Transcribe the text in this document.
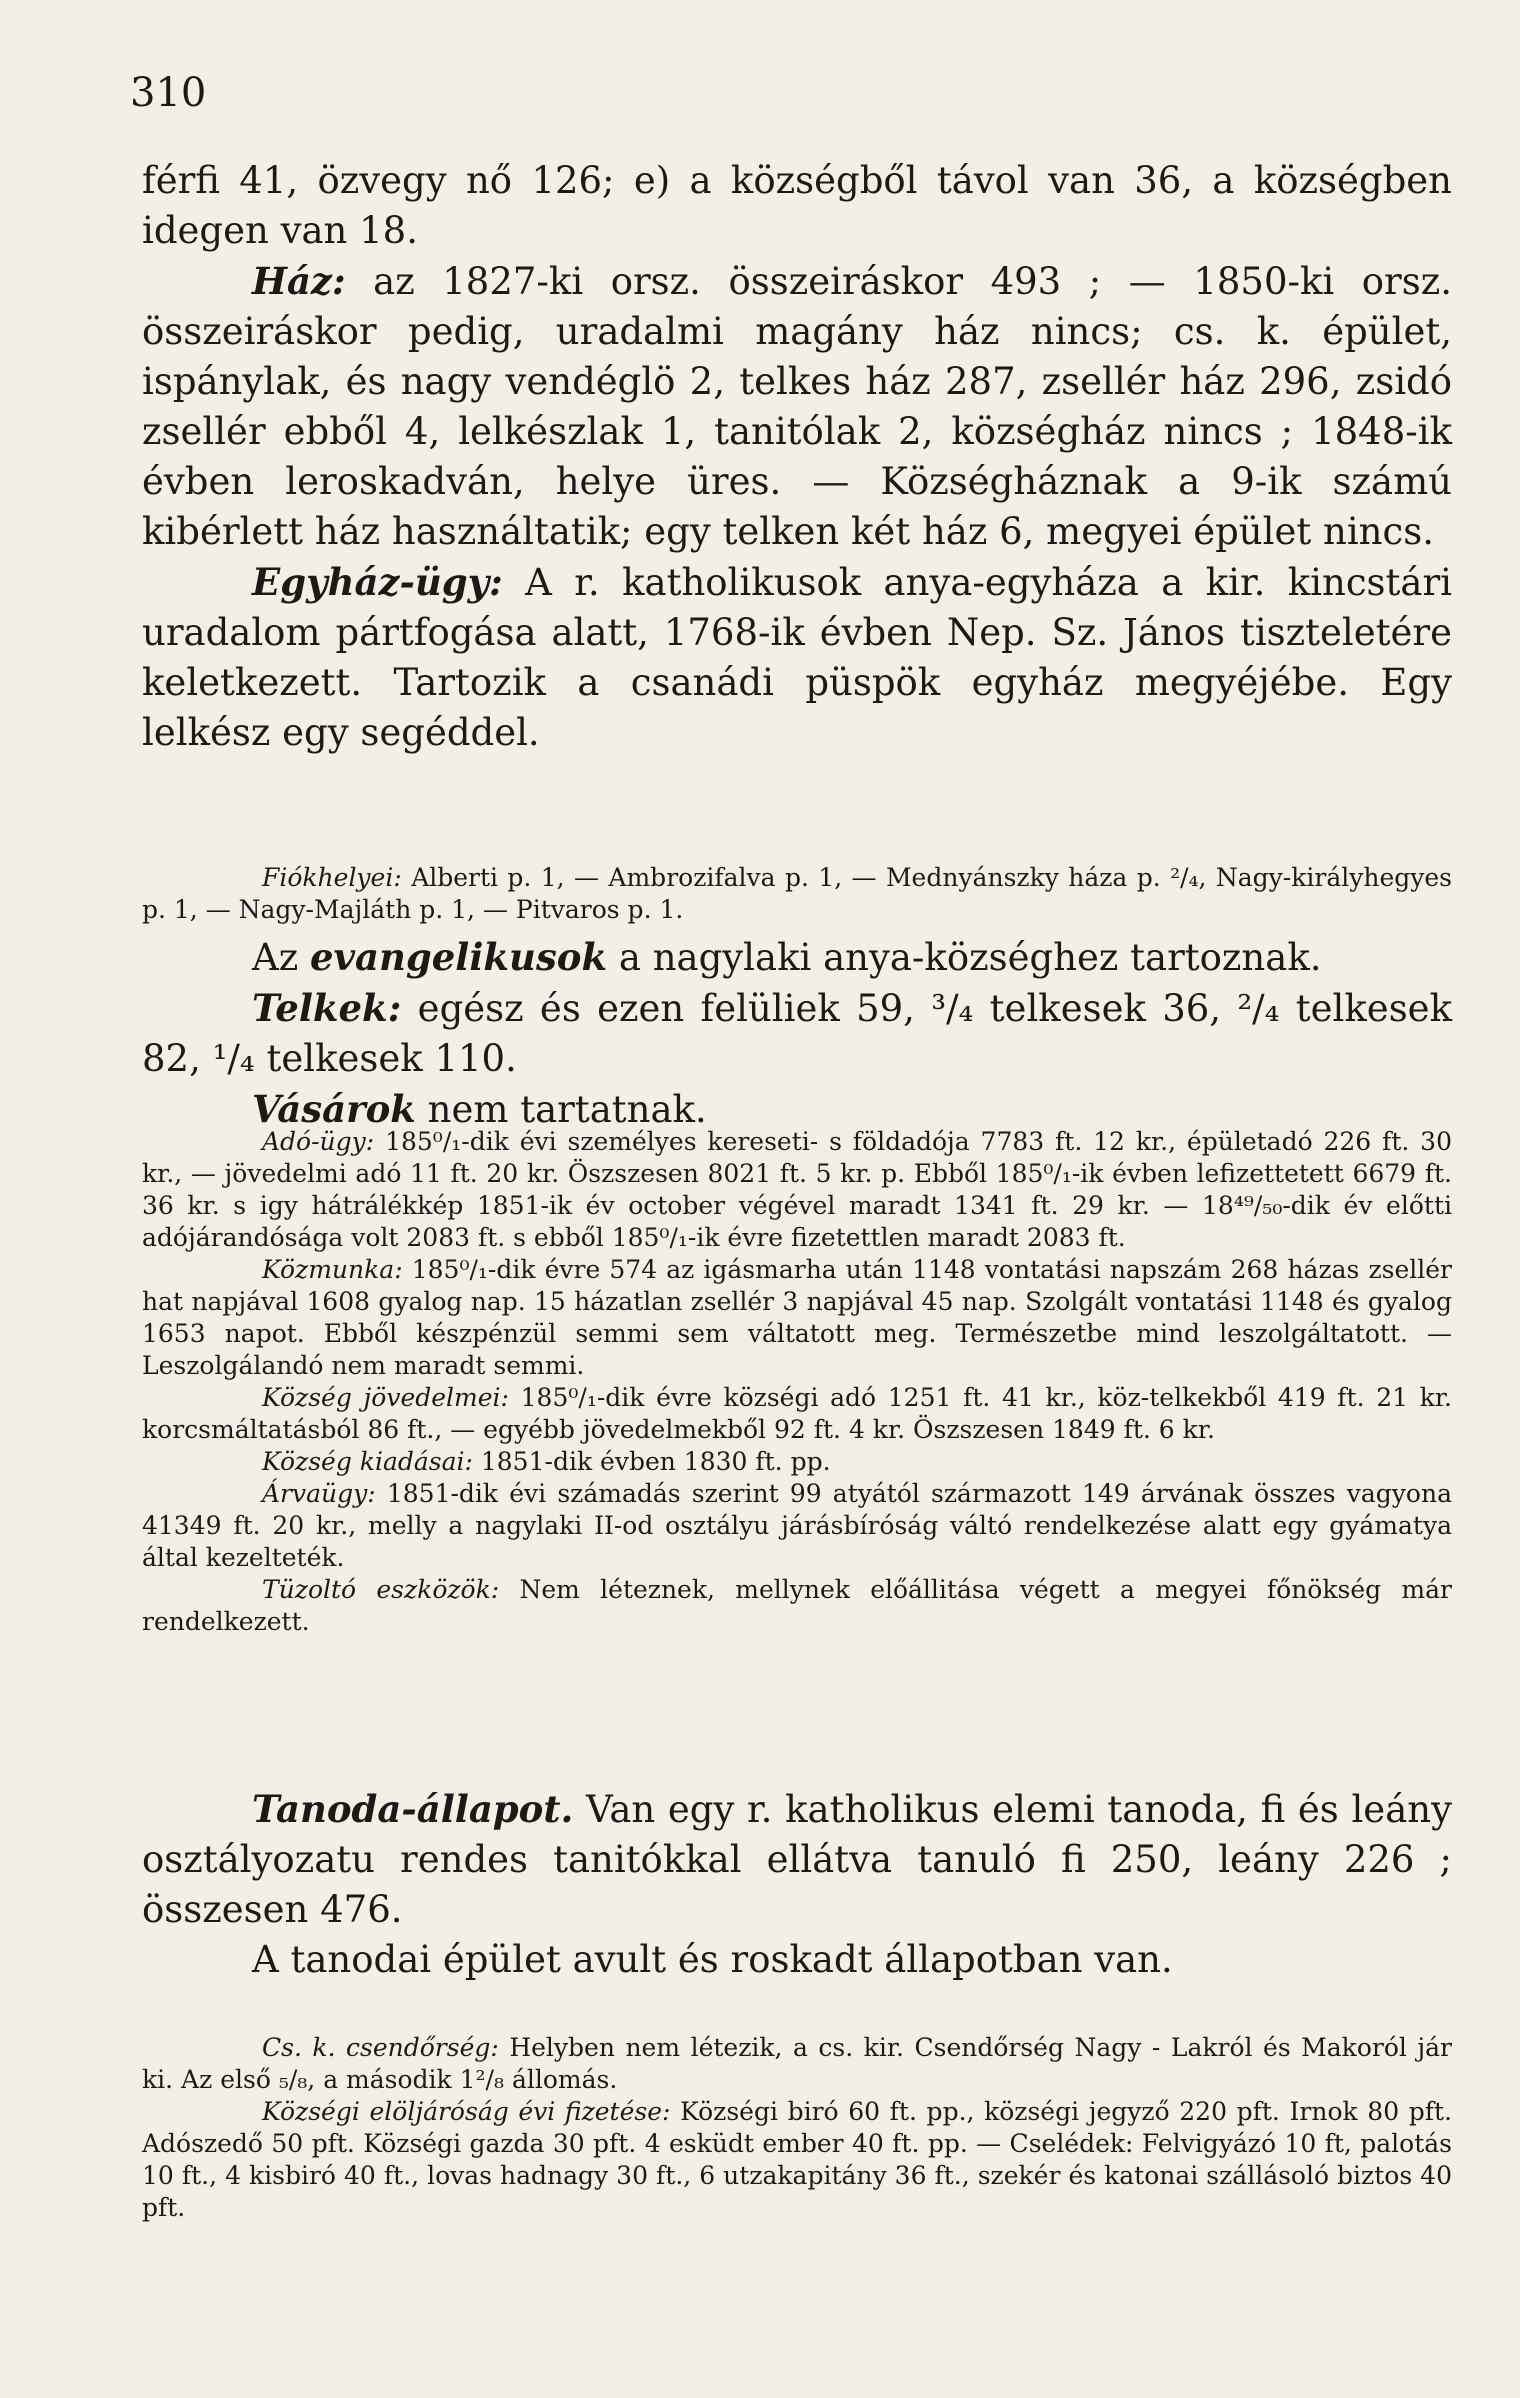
310

férfi 41, özvegy nő 126; e) a községből távol van 36, a községben idegen van 18.

Ház: az 1827-ki orsz. összeiráskor 493 ; — 1850-ki orsz. összeiráskor pedig, uradalmi magány ház nincs; cs. k. épület, ispánylak, és nagy vendéglö 2, telkes ház 287, zsellér ház 296, zsidó zsellér ebből 4, lelkészlak 1, tanitólak 2, községház nincs ; 1848-ik évben leroskadván, helye üres. — Községháznak a 9-ik számú kibérlett ház használtatik; egy telken két ház 6, megyei épület nincs.

Egyház-ügy: A r. katholikusok anya-egyháza a kir. kincstári uradalom pártfogása alatt, 1768-ik évben Nep. Sz. János tiszteletére keletkezett. Tartozik a csanádi püspök egyház megyéjébe. Egy lelkész egy segéddel.

Fiókhelyei: Alberti p. 1, — Ambrozifalva p. 1, — Mednyánszky háza p. ²/₄, Nagy-királyhegyes p. 1, — Nagy-Majláth p. 1, — Pitvaros p. 1.

Az evangelikusok a nagylaki anya-községhez tartoznak.

Telkek: egész és ezen felüliek 59, ³/₄ telkesek 36, ²/₄ telkesek 82, ¹/₄ telkesek 110.

Vásárok nem tartatnak.

Adó-ügy: 185⁰/₁-dik évi személyes kereseti- s földadója 7783 ft. 12 kr., épületadó 226 ft. 30 kr., — jövedelmi adó 11 ft. 20 kr. Öszszesen 8021 ft. 5 kr. p. Ebből 185⁰/₁-ik évben lefizettetett 6679 ft. 36 kr. s igy hátrálékkép 1851-ik év october végével maradt 1341 ft. 29 kr. — 18⁴⁹/₅₀-dik év előtti adójárandósága volt 2083 ft. s ebből 185⁰/₁-ik évre fizetettlen maradt 2083 ft.

Közmunka: 185⁰/₁-dik évre 574 az igásmarha után 1148 vontatási napszám 268 házas zsellér hat napjával 1608 gyalog nap. 15 házatlan zsellér 3 napjával 45 nap. Szolgált vontatási 1148 és gyalog 1653 napot. Ebből készpénzül semmi sem váltatott meg. Természetbe mind leszolgáltatott. — Leszolgálandó nem maradt semmi.

Község jövedelmei: 185⁰/₁-dik évre községi adó 1251 ft. 41 kr., köz-telkekből 419 ft. 21 kr. korcsmáltatásból 86 ft., — egyébb jövedelmekből 92 ft. 4 kr. Öszszesen 1849 ft. 6 kr.

Község kiadásai: 1851-dik évben 1830 ft. pp.

Árvaügy: 1851-dik évi számadás szerint 99 atyától származott 149 árvának összes vagyona 41349 ft. 20 kr., melly a nagylaki II-od osztályu járásbíróság váltó rendelkezése alatt egy gyámatya által kezelteték.

Tüzoltó eszközök: Nem léteznek, mellynek előállitása végett a megyei főnökség már rendelkezett.

Tanoda-állapot. Van egy r. katholikus elemi tanoda, fi és leány osztályozatu rendes tanitókkal ellátva tanuló fi 250, leány 226 ; összesen 476.

A tanodai épület avult és roskadt állapotban van.

Cs. k. csendőrség: Helyben nem létezik, a cs. kir. Csendőrség Nagy - Lakról és Makoról jár ki. Az első ₅/₈, a második 1²/₈ állomás.

Községi elöljáróság évi fizetése: Községi biró 60 ft. pp., községi jegyző 220 pft. Irnok 80 pft. Adószedő 50 pft. Községi gazda 30 pft. 4 esküdt ember 40 ft. pp. — Cselédek: Felvigyázó 10 ft, palotás 10 ft., 4 kisbiró 40 ft., lovas hadnagy 30 ft., 6 utzakapitány 36 ft., szekér és katonai szállásoló biztos 40 pft.
